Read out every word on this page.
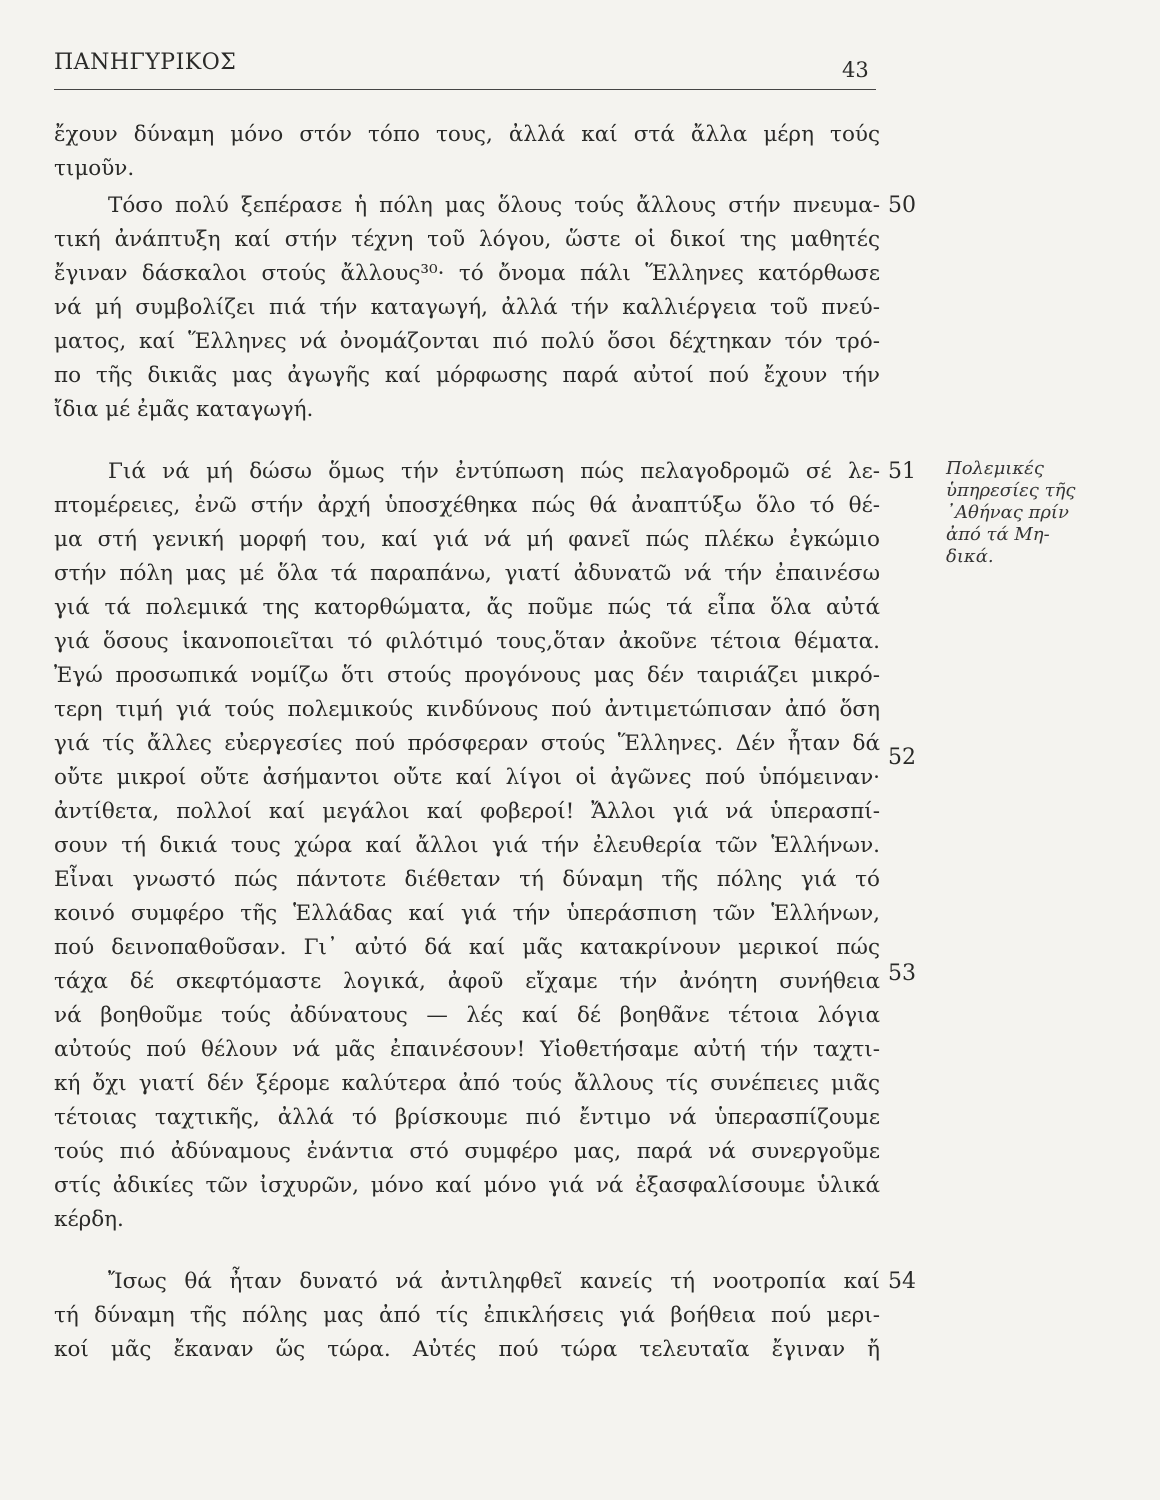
ΠΑΝΗΓΥΡΙΚΟΣ	43
ἔχουν δύναμη μόνο στόν τόπο τους, ἀλλά καί στά ἄλλα μέρη τούς
τιμοῦν.
Τόσο πολύ ξεπέρασε ἡ πόλη μας ὅλους τούς ἄλλους στήν πνευμα-
τική ἀνάπτυξη καί στήν τέχνη τοῦ λόγου, ὥστε οἱ δικοί της μαθητές
ἔγιναν δάσκαλοι στούς ἄλλους³⁰· τό ὄνομα πάλι Ἕλληνες κατόρθωσε
νά μή συμβολίζει πιά τήν καταγωγή, ἀλλά τήν καλλιέργεια τοῦ πνεύ-
ματος, καί Ἕλληνες νά ὀνομάζονται πιό πολύ ὅσοι δέχτηκαν τόν τρό-
πο τῆς δικιᾶς μας ἀγωγῆς καί μόρφωσης παρά αὐτοί πού ἔχουν τήν
ἴδια μέ ἐμᾶς καταγωγή.
Γιά νά μή δώσω ὅμως τήν ἐντύπωση πώς πελαγοδρομῶ σέ λε-
πτομέρειες, ἐνῶ στήν ἀρχή ὑποσχέθηκα πώς θά ἀναπτύξω ὅλο τό θέ-
μα στή γενική μορφή του, καί γιά νά μή φανεῖ πώς πλέκω ἐγκώμιο
στήν πόλη μας μέ ὅλα τά παραπάνω, γιατί ἀδυνατῶ νά τήν ἐπαινέσω
γιά τά πολεμικά της κατορθώματα, ἄς ποῦμε πώς τά εἶπα ὅλα αὐτά
γιά ὅσους ἱκανοποιεῖται τό φιλότιμό τους,ὅταν ἀκοῦνε τέτοια θέματα.
Ἐγώ προσωπικά νομίζω ὅτι στούς προγόνους μας δέν ταιριάζει μικρό-
τερη τιμή γιά τούς πολεμικούς κινδύνους πού ἀντιμετώπισαν ἀπό ὅση
γιά τίς ἄλλες εὐεργεσίες πού πρόσφεραν στούς Ἕλληνες. Δέν ἦταν δά
οὔτε μικροί οὔτε ἀσήμαντοι οὔτε καί λίγοι οἱ ἀγῶνες πού ὑπόμειναν·
ἀντίθετα, πολλοί καί μεγάλοι καί φοβεροί! Ἄλλοι γιά νά ὑπερασπί-
σουν τή δικιά τους χώρα καί ἄλλοι γιά τήν ἐλευθερία τῶν Ἑλλήνων.
Εἶναι γνωστό πώς πάντοτε διέθεταν τή δύναμη τῆς πόλης γιά τό
κοινό συμφέρο τῆς Ἑλλάδας καί γιά τήν ὑπεράσπιση τῶν Ἑλλήνων,
πού δεινοπαθοῦσαν. Γι᾿ αὐτό δά καί μᾶς κατακρίνουν μερικοί πώς
τάχα δέ σκεφτόμαστε λογικά, ἀφοῦ εἴχαμε τήν ἀνόητη συνήθεια
νά βοηθοῦμε τούς ἀδύνατους — λές καί δέ βοηθᾶνε τέτοια λόγια
αὐτούς πού θέλουν νά μᾶς ἐπαινέσουν! Υἱοθετήσαμε αὐτή τήν ταχτι-
κή ὄχι γιατί δέν ξέρομε καλύτερα ἀπό τούς ἄλλους τίς συνέπειες μιᾶς
τέτοιας ταχτικῆς, ἀλλά τό βρίσκουμε πιό ἔντιμο νά ὑπερασπίζουμε
τούς πιό ἀδύναμους ἐνάντια στό συμφέρο μας, παρά νά συνεργοῦμε
στίς ἀδικίες τῶν ἰσχυρῶν, μόνο καί μόνο γιά νά ἐξασφαλίσουμε ὑλικά
κέρδη.
Ἴσως θά ἦταν δυνατό νά ἀντιληφθεῖ κανείς τή νοοτροπία καί
τή δύναμη τῆς πόλης μας ἀπό τίς ἐπικλήσεις γιά βοήθεια πού μερι-
κοί μᾶς ἔκαναν ὥς τώρα. Αὐτές πού τώρα τελευταῖα ἔγιναν ἤ
50
51
52
53
54
Πολεμικές
ὑπηρεσίες τῆς
᾿Αθήνας πρίν
ἀπό τά Μη-
δικά.
